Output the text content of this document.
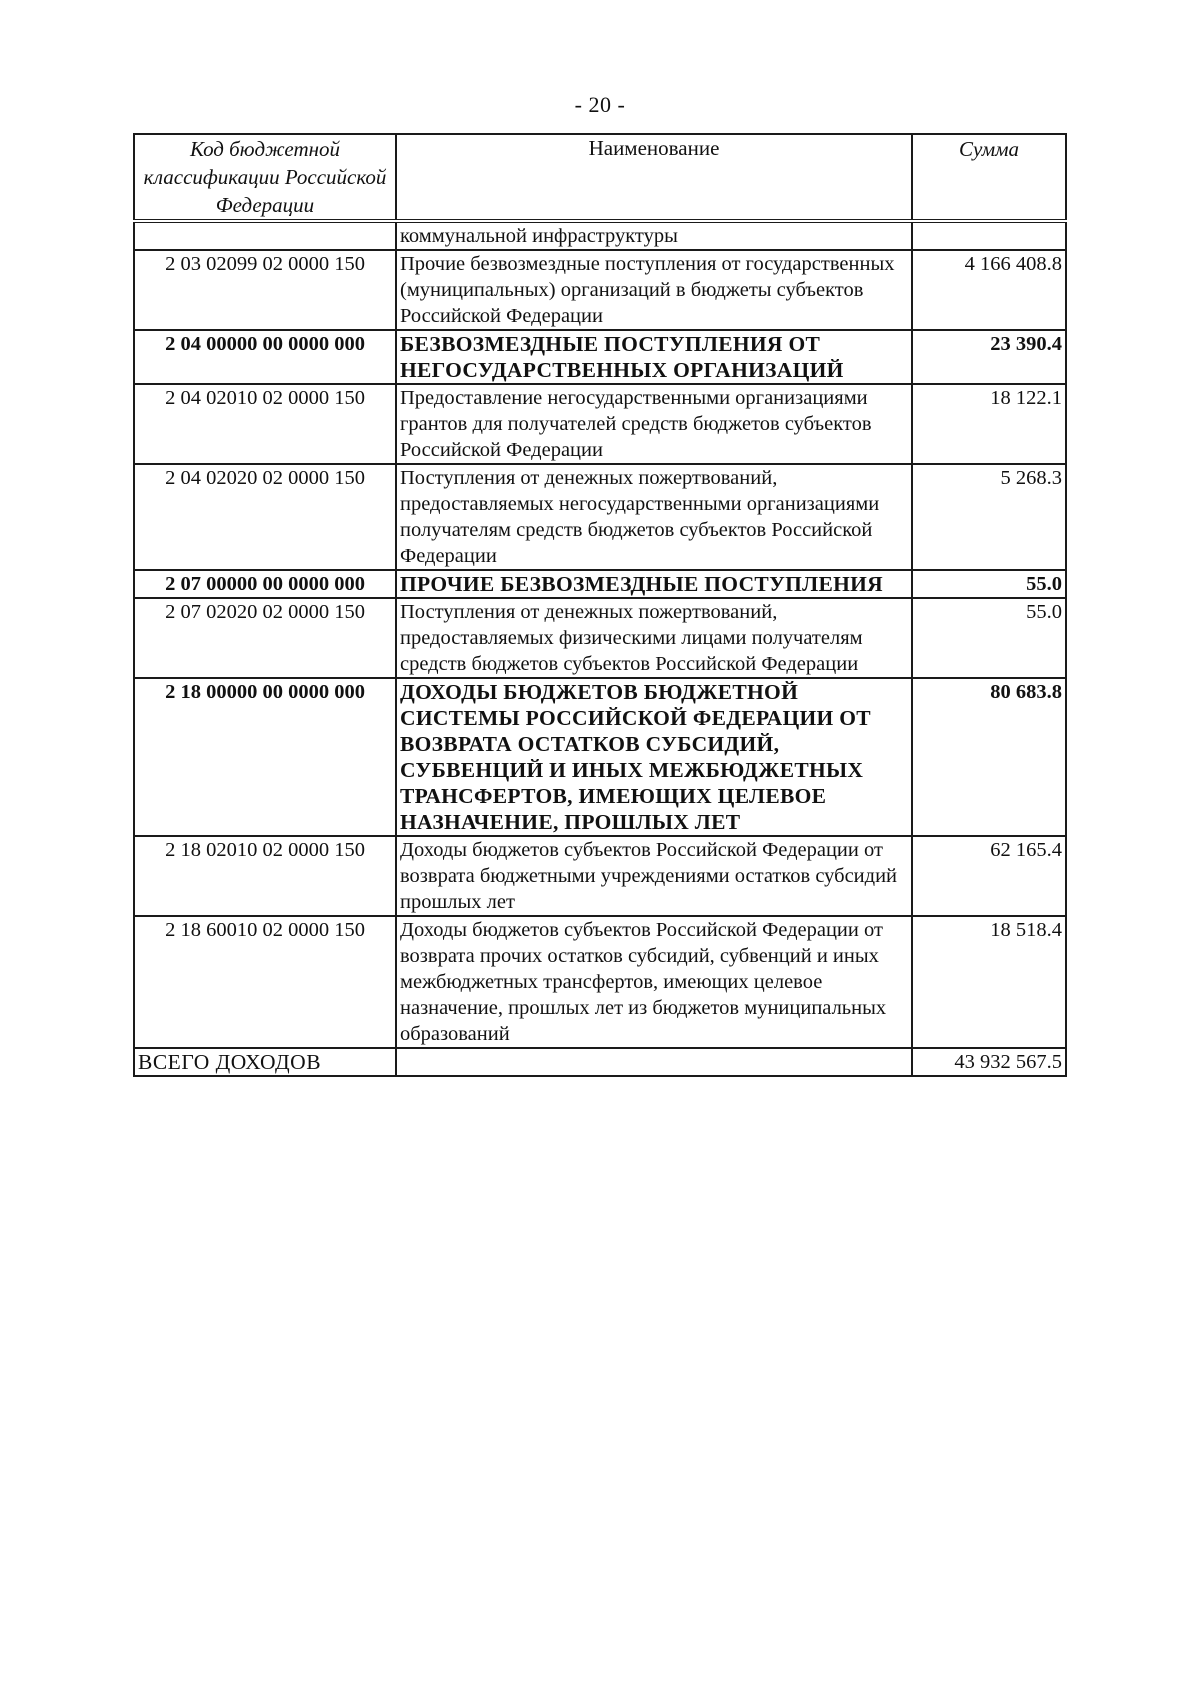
- 20 -
Код бюджетной классификации Российской Федерации	Наименование	Сумма
	коммунальной инфраструктуры	
2 03 02099 02 0000 150	Прочие безвозмездные поступления от государственных (муниципальных) организаций в бюджеты субъектов Российской Федерации	4 166 408.8
2 04 00000 00 0000 000	БЕЗВОЗМЕЗДНЫЕ ПОСТУПЛЕНИЯ ОТ НЕГОСУДАРСТВЕННЫХ ОРГАНИЗАЦИЙ	23 390.4
2 04 02010 02 0000 150	Предоставление негосударственными организациями грантов для получателей средств бюджетов субъектов Российской Федерации	18 122.1
2 04 02020 02 0000 150	Поступления от денежных пожертвований, предоставляемых негосударственными организациями получателям средств бюджетов субъектов Российской Федерации	5 268.3
2 07 00000 00 0000 000	ПРОЧИЕ БЕЗВОЗМЕЗДНЫЕ ПОСТУПЛЕНИЯ	55.0
2 07 02020 02 0000 150	Поступления от денежных пожертвований, предоставляемых физическими лицами получателям средств бюджетов субъектов Российской Федерации	55.0
2 18 00000 00 0000 000	ДОХОДЫ БЮДЖЕТОВ БЮДЖЕТНОЙ СИСТЕМЫ РОССИЙСКОЙ ФЕДЕРАЦИИ ОТ ВОЗВРАТА ОСТАТКОВ СУБСИДИЙ, СУБВЕНЦИЙ И ИНЫХ МЕЖБЮДЖЕТНЫХ ТРАНСФЕРТОВ, ИМЕЮЩИХ ЦЕЛЕВОЕ НАЗНАЧЕНИЕ, ПРОШЛЫХ ЛЕТ	80 683.8
2 18 02010 02 0000 150	Доходы бюджетов субъектов Российской Федерации от возврата бюджетными учреждениями остатков субсидий прошлых лет	62 165.4
2 18 60010 02 0000 150	Доходы бюджетов субъектов Российской Федерации от возврата прочих остатков субсидий, субвенций и иных межбюджетных трансфертов, имеющих целевое назначение, прошлых лет из бюджетов муниципальных образований	18 518.4
ВСЕГО ДОХОДОВ		43 932 567.5
